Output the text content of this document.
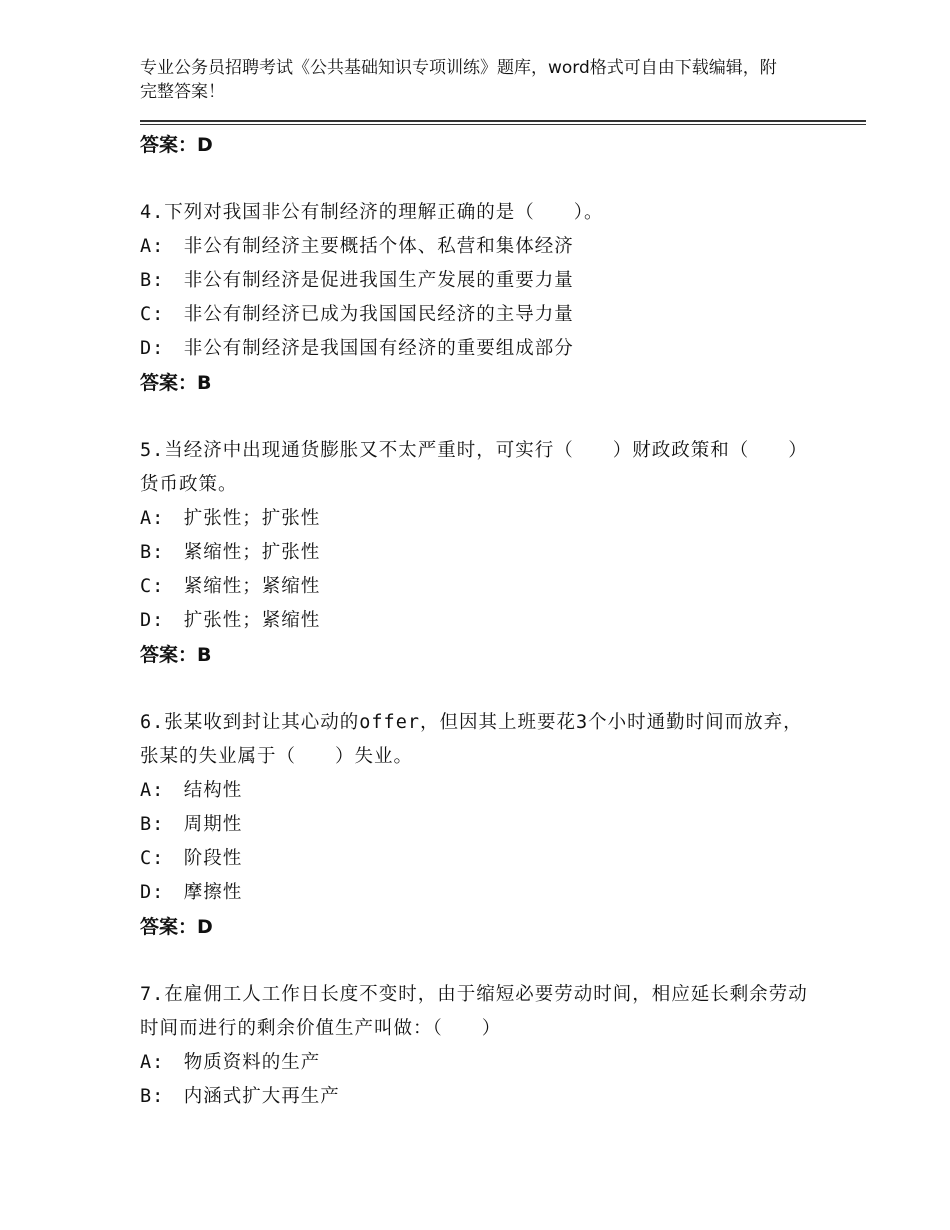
专业公务员招聘考试《公共基础知识专项训练》题库，word格式可自由下载编辑，附完整答案！
答案：D
4.下列对我国非公有制经济的理解正确的是（　　）。
A:　非公有制经济主要概括个体、私营和集体经济
B:　非公有制经济是促进我国生产发展的重要力量
C:　非公有制经济已成为我国国民经济的主导力量
D:　非公有制经济是我国国有经济的重要组成部分
答案：B
5.当经济中出现通货膨胀又不太严重时，可实行（　　）财政政策和（　　）货币政策。
A:　扩张性；扩张性
B:　紧缩性；扩张性
C:　紧缩性；紧缩性
D:　扩张性；紧缩性
答案：B
6.张某收到封让其心动的offer，但因其上班要花3个小时通勤时间而放弃，张某的失业属于（　　）失业。
A:　结构性
B:　周期性
C:　阶段性
D:　摩擦性
答案：D
7.在雇佣工人工作日长度不变时，由于缩短必要劳动时间，相应延长剩余劳动时间而进行的剩余价值生产叫做：（　　）
A:　物质资料的生产
B:　内涵式扩大再生产
